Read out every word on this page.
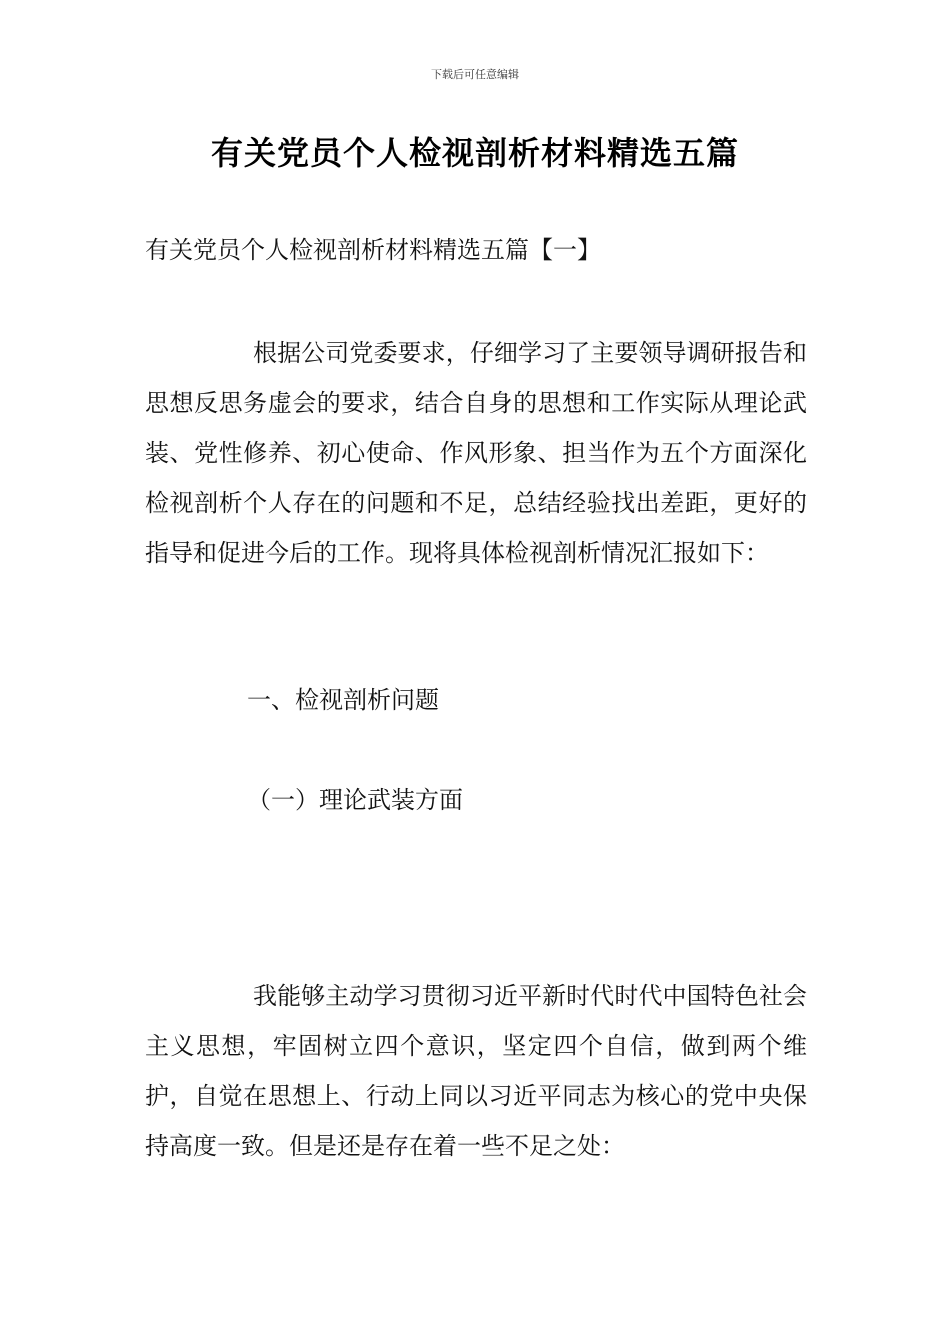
下载后可任意编辑
有关党员个人检视剖析材料精选五篇
有关党员个人检视剖析材料精选五篇【一】

根据公司党委要求，仔细学习了主要领导调研报告和思想反思务虚会的要求，结合自身的思想和工作实际从理论武装、党性修养、初心使命、作风形象、担当作为五个方面深化检视剖析个人存在的问题和不足，总结经验找出差距，更好的指导和促进今后的工作。现将具体检视剖析情况汇报如下：

一、检视剖析问题
（一）理论武装方面

我能够主动学习贯彻习近平新时代时代中国特色社会主义思想，牢固树立四个意识，坚定四个自信，做到两个维护，自觉在思想上、行动上同以习近平同志为核心的党中央保持高度一致。但是还是存在着一些不足之处：
